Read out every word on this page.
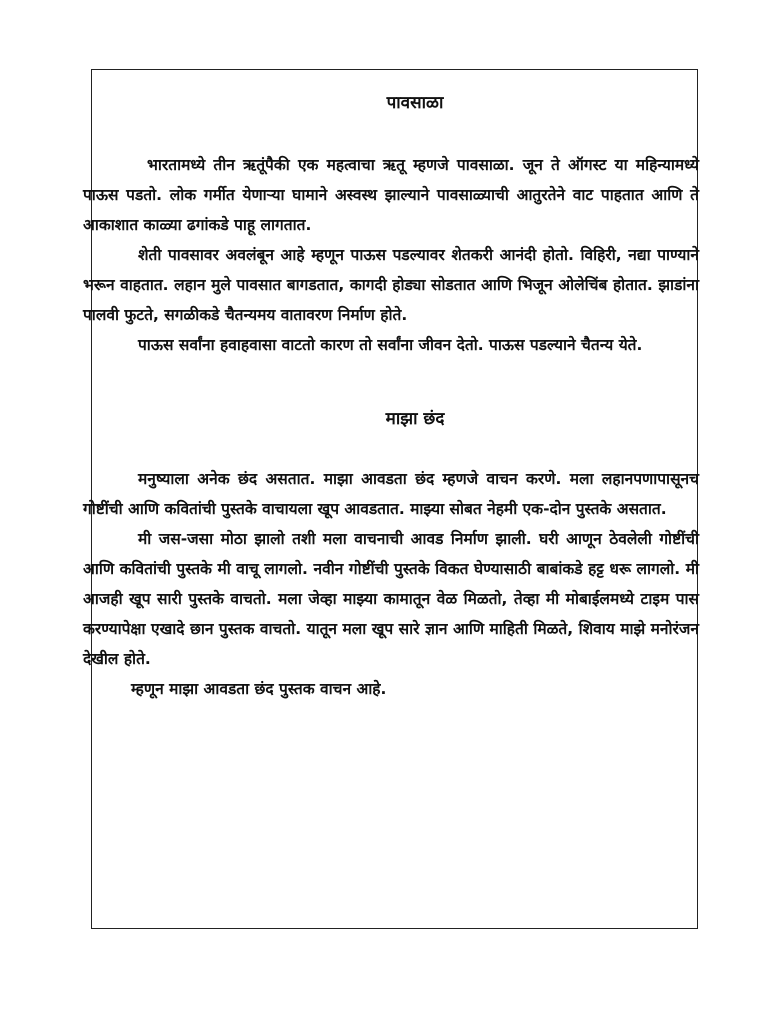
पावसाळा

भारतामध्ये तीन ऋतूंपैकी एक महत्वाचा ऋतू म्हणजे पावसाळा. जून ते ऑगस्ट या महिन्यामध्ये पाऊस पडतो. लोक गर्मीत येणाऱ्या घामाने अस्वस्थ झाल्याने पावसाळ्याची आतुरतेने वाट पाहतात आणि ते आकाशात काळ्या ढगांकडे पाहू लागतात.

शेती पावसावर अवलंबून आहे म्हणून पाऊस पडल्यावर शेतकरी आनंदी होतो. विहिरी, नद्या पाण्याने भरून वाहतात. लहान मुले पावसात बागडतात, कागदी होड्या सोडतात आणि भिजून ओलेचिंब होतात. झाडांना पालवी फुटते, सगळीकडे चैतन्यमय वातावरण निर्माण होते.

पाऊस सर्वांना हवाहवासा वाटतो कारण तो सर्वांना जीवन देतो. पाऊस पडल्याने चैतन्य येते.

माझा छंद

मनुष्याला अनेक छंद असतात. माझा आवडता छंद म्हणजे वाचन करणे. मला लहानपणापासूनच गोष्टींची आणि कवितांची पुस्तके वाचायला खूप आवडतात. माझ्या सोबत नेहमी एक-दोन पुस्तके असतात.

मी जस-जसा मोठा झालो तशी मला वाचनाची आवड निर्माण झाली. घरी आणून ठेवलेली गोष्टींची आणि कवितांची पुस्तके मी वाचू लागलो. नवीन गोष्टींची पुस्तके विकत घेण्यासाठी बाबांकडे हट्ट धरू लागलो. मी आजही खूप सारी पुस्तके वाचतो. मला जेव्हा माझ्या कामातून वेळ मिळतो, तेव्हा मी मोबाईलमध्ये टाइम पास करण्यापेक्षा एखादे छान पुस्तक वाचतो. यातून मला खूप सारे ज्ञान आणि माहिती मिळते, शिवाय माझे मनोरंजन देखील होते.

म्हणून माझा आवडता छंद पुस्तक वाचन आहे.
